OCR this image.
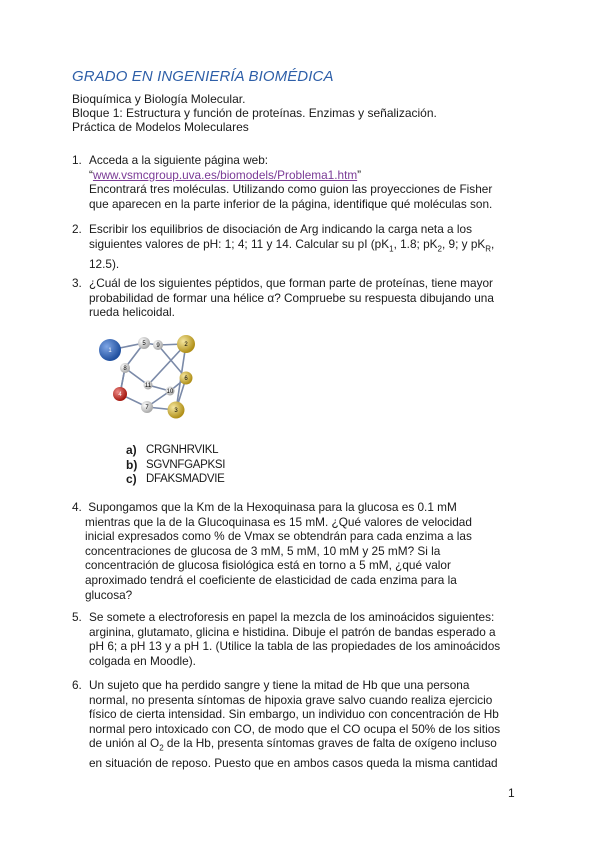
GRADO EN INGENIERÍA BIOMÉDICA
Bioquímica y Biología Molecular.
Bloque 1: Estructura y función de proteínas. Enzimas y señalización.
Práctica de Modelos Moleculares
1. Acceda a la siguiente página web:
“www.vsmcgroup.uva.es/biomodels/Problema1.htm”
Encontrará tres moléculas. Utilizando como guion las proyecciones de Fisher
que aparecen en la parte inferior de la página, identifique qué moléculas son.
2. Escribir los equilibrios de disociación de Arg indicando la carga neta a los
siguientes valores de pH: 1; 4; 11 y 14. Calcular su pI ($pK_1$, 1.8; $pK_2$, 9; y $pK_R$,
12.5).
3. ¿Cuál de los siguientes péptidos, que forman parte de proteínas, tiene mayor
probabilidad de formar una hélice α? Compruebe su respuesta dibujando una
rueda helicoidal.
1
2
3
4
5
6
7
8
9
10
11
a) CRGNHRVIKL
b) SGVNFGAPKSI
c) DFAKSMADVIE
4. Supongamos que la Km de la Hexoquinasa para la glucosa es 0.1 mM
mientras que la de la Glucoquinasa es 15 mM. ¿Qué valores de velocidad
inicial expresados como % de Vmax se obtendrán para cada enzima a las
concentraciones de glucosa de 3 mM, 5 mM, 10 mM y 25 mM? Si la
concentración de glucosa fisiológica está en torno a 5 mM, ¿qué valor
aproximado tendrá el coeficiente de elasticidad de cada enzima para la
glucosa?
5. Se somete a electroforesis en papel la mezcla de los aminoácidos siguientes:
arginina, glutamato, glicina e histidina. Dibuje el patrón de bandas esperado a
pH 6; a pH 13 y a pH 1. (Utilice la tabla de las propiedades de los aminoácidos
colgada en Moodle).
6. Un sujeto que ha perdido sangre y tiene la mitad de Hb que una persona
normal, no presenta síntomas de hipoxia grave salvo cuando realiza ejercicio
físico de cierta intensidad. Sin embargo, un individuo con concentración de Hb
normal pero intoxicado con CO, de modo que el CO ocupa el 50% de los sitios
de unión al $O_2$ de la Hb, presenta síntomas graves de falta de oxígeno incluso
en situación de reposo. Puesto que en ambos casos queda la misma cantidad
1
